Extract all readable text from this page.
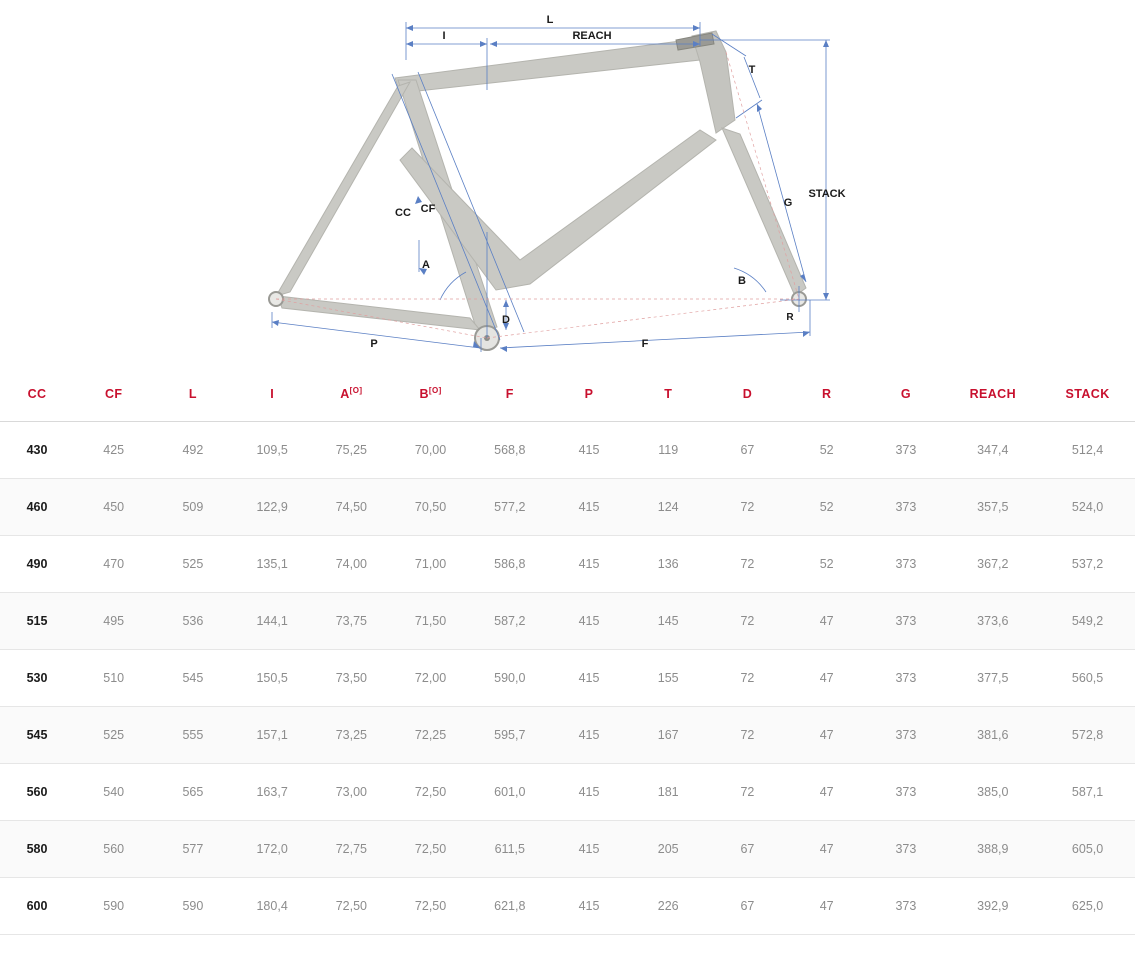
L
I	REACH
T
STACK
G
CC CF
A
B
R
D
P	F
CC	CF	L	I	A[O]	B[O]	F	P	T	D	R	G	REACH	STACK
430	425	492	109,5	75,25	70,00	568,8	415	119	67	52	373	347,4	512,4
460	450	509	122,9	74,50	70,50	577,2	415	124	72	52	373	357,5	524,0
490	470	525	135,1	74,00	71,00	586,8	415	136	72	52	373	367,2	537,2
515	495	536	144,1	73,75	71,50	587,2	415	145	72	47	373	373,6	549,2
530	510	545	150,5	73,50	72,00	590,0	415	155	72	47	373	377,5	560,5
545	525	555	157,1	73,25	72,25	595,7	415	167	72	47	373	381,6	572,8
560	540	565	163,7	73,00	72,50	601,0	415	181	72	47	373	385,0	587,1
580	560	577	172,0	72,75	72,50	611,5	415	205	67	47	373	388,9	605,0
600	590	590	180,4	72,50	72,50	621,8	415	226	67	47	373	392,9	625,0
